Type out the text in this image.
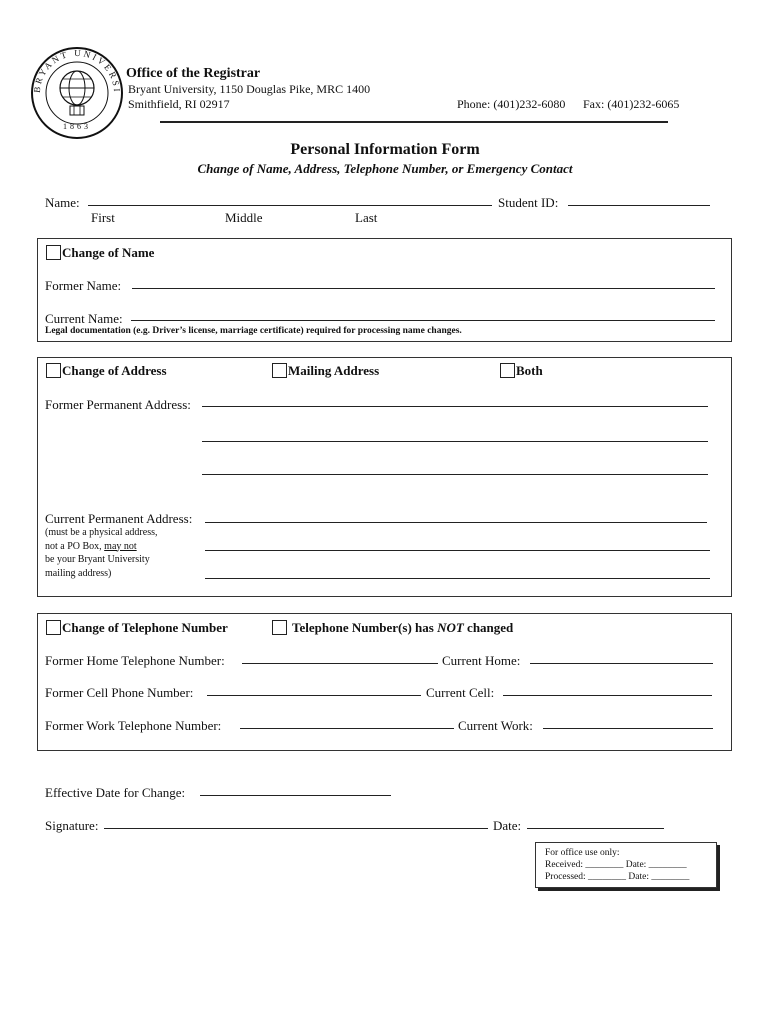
BRYANT UNIVERSI
1863
Office of the Registrar
Bryant University, 1150 Douglas Pike, MRC 1400
Smithfield, RI 02917	Phone: (401)232-6080 Fax: (401)232-6065
Personal Information Form
Change of Name, Address, Telephone Number, or Emergency Contact
Name:
First	Middle	Last
Student ID:
Change of Name
Former Name:
Current Name:
Legal documentation (e.g. Driver’s license, marriage certificate) required for processing name changes.
Change of Address	Mailing Address	Both
Former Permanent Address:
Current Permanent Address:
(must be a physical address,
not a PO Box, may not
be your Bryant University
mailing address)
Change of Telephone Number	Telephone Number(s) has NOT changed
Former Home Telephone Number:	Current Home:
Former Cell Phone Number:	Current Cell:
Former Work Telephone Number:	Current Work:
Effective Date for Change:
Signature:	Date:
For office use only:
Received: ________ Date: ________
Processed: ________ Date: ________
